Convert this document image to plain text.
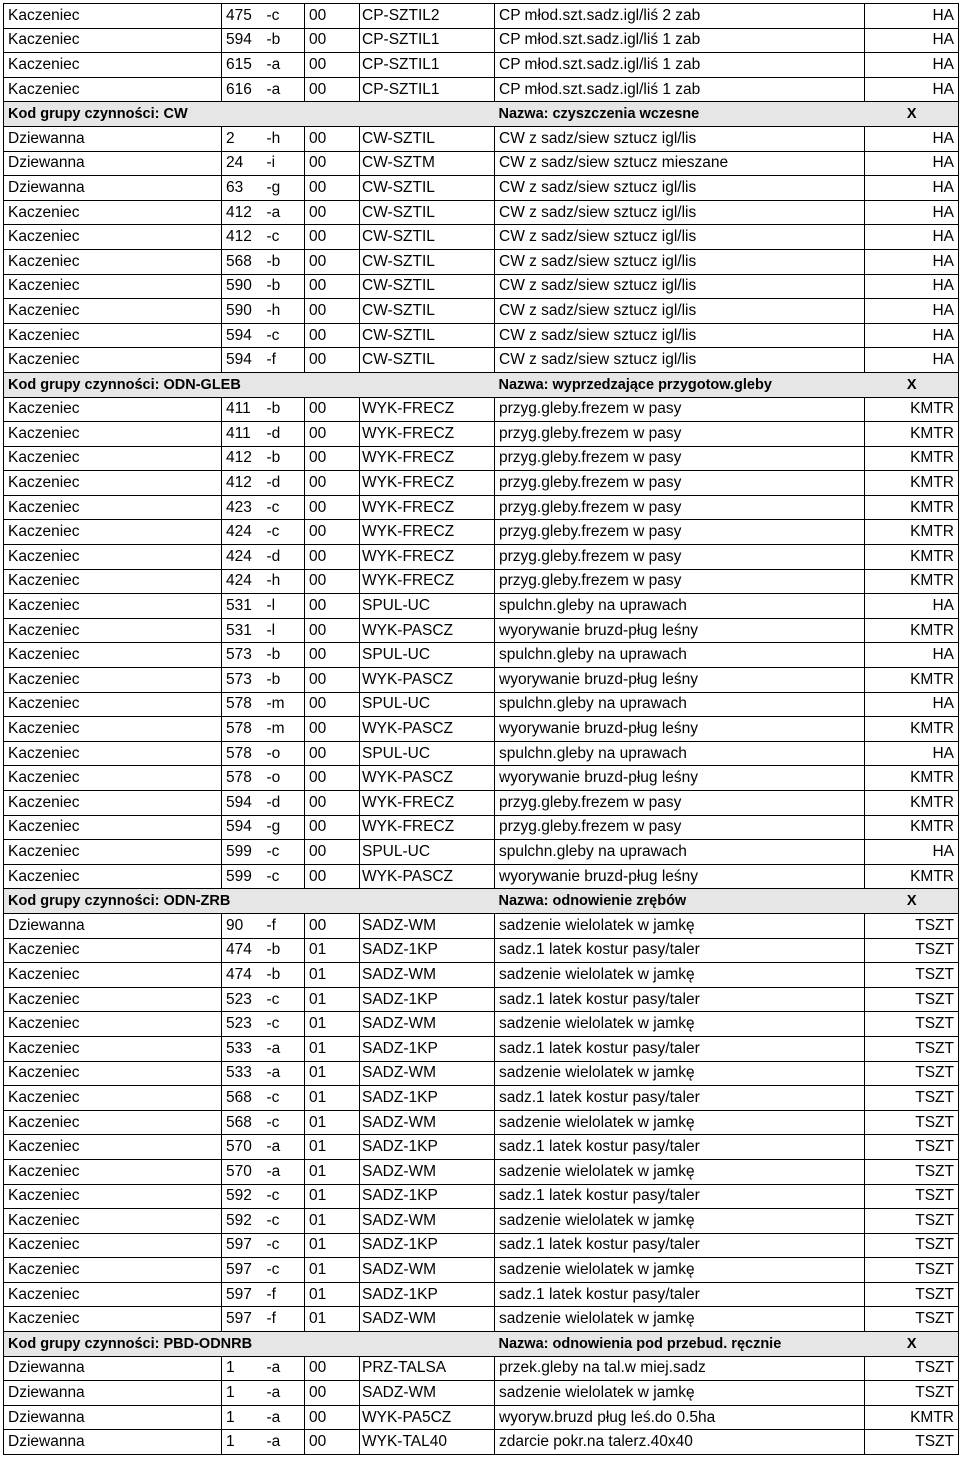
Kaczeniec	475	-c	00	CP-SZTIL2	CP młod.szt.sadz.igl/liś 2 zab	HA
Kaczeniec	594	-b	00	CP-SZTIL1	CP młod.szt.sadz.igl/liś 1 zab	HA
Kaczeniec	615	-a	00	CP-SZTIL1	CP młod.szt.sadz.igl/liś 1 zab	HA
Kaczeniec	616	-a	00	CP-SZTIL1	CP młod.szt.sadz.igl/liś 1 zab	HA
Kod grupy czynności: CW					Nazwa: czyszczenia wczesne	X
Dziewanna	2	-h	00	CW-SZTIL	CW z sadz/siew sztucz igl/lis	HA
Dziewanna	24	-i	00	CW-SZTM	CW z sadz/siew sztucz mieszane	HA
Dziewanna	63	-g	00	CW-SZTIL	CW z sadz/siew sztucz igl/lis	HA
Kaczeniec	412	-a	00	CW-SZTIL	CW z sadz/siew sztucz igl/lis	HA
Kaczeniec	412	-c	00	CW-SZTIL	CW z sadz/siew sztucz igl/lis	HA
Kaczeniec	568	-b	00	CW-SZTIL	CW z sadz/siew sztucz igl/lis	HA
Kaczeniec	590	-b	00	CW-SZTIL	CW z sadz/siew sztucz igl/lis	HA
Kaczeniec	590	-h	00	CW-SZTIL	CW z sadz/siew sztucz igl/lis	HA
Kaczeniec	594	-c	00	CW-SZTIL	CW z sadz/siew sztucz igl/lis	HA
Kaczeniec	594	-f	00	CW-SZTIL	CW z sadz/siew sztucz igl/lis	HA
Kod grupy czynności: ODN-GLEB					Nazwa: wyprzedzające przygotow.gleby	X
Kaczeniec	411	-b	00	WYK-FRECZ	przyg.gleby.frezem w pasy	KMTR
Kaczeniec	411	-d	00	WYK-FRECZ	przyg.gleby.frezem w pasy	KMTR
Kaczeniec	412	-b	00	WYK-FRECZ	przyg.gleby.frezem w pasy	KMTR
Kaczeniec	412	-d	00	WYK-FRECZ	przyg.gleby.frezem w pasy	KMTR
Kaczeniec	423	-c	00	WYK-FRECZ	przyg.gleby.frezem w pasy	KMTR
Kaczeniec	424	-c	00	WYK-FRECZ	przyg.gleby.frezem w pasy	KMTR
Kaczeniec	424	-d	00	WYK-FRECZ	przyg.gleby.frezem w pasy	KMTR
Kaczeniec	424	-h	00	WYK-FRECZ	przyg.gleby.frezem w pasy	KMTR
Kaczeniec	531	-l	00	SPUL-UC	spulchn.gleby na uprawach	HA
Kaczeniec	531	-l	00	WYK-PASCZ	wyorywanie bruzd-pług leśny	KMTR
Kaczeniec	573	-b	00	SPUL-UC	spulchn.gleby na uprawach	HA
Kaczeniec	573	-b	00	WYK-PASCZ	wyorywanie bruzd-pług leśny	KMTR
Kaczeniec	578	-m	00	SPUL-UC	spulchn.gleby na uprawach	HA
Kaczeniec	578	-m	00	WYK-PASCZ	wyorywanie bruzd-pług leśny	KMTR
Kaczeniec	578	-o	00	SPUL-UC	spulchn.gleby na uprawach	HA
Kaczeniec	578	-o	00	WYK-PASCZ	wyorywanie bruzd-pług leśny	KMTR
Kaczeniec	594	-d	00	WYK-FRECZ	przyg.gleby.frezem w pasy	KMTR
Kaczeniec	594	-g	00	WYK-FRECZ	przyg.gleby.frezem w pasy	KMTR
Kaczeniec	599	-c	00	SPUL-UC	spulchn.gleby na uprawach	HA
Kaczeniec	599	-c	00	WYK-PASCZ	wyorywanie bruzd-pług leśny	KMTR
Kod grupy czynności: ODN-ZRB					Nazwa: odnowienie zrębów	X
Dziewanna	90	-f	00	SADZ-WM	sadzenie wielolatek w jamkę	TSZT
Kaczeniec	474	-b	01	SADZ-1KP	sadz.1 latek kostur pasy/taler	TSZT
Kaczeniec	474	-b	01	SADZ-WM	sadzenie wielolatek w jamkę	TSZT
Kaczeniec	523	-c	01	SADZ-1KP	sadz.1 latek kostur pasy/taler	TSZT
Kaczeniec	523	-c	01	SADZ-WM	sadzenie wielolatek w jamkę	TSZT
Kaczeniec	533	-a	01	SADZ-1KP	sadz.1 latek kostur pasy/taler	TSZT
Kaczeniec	533	-a	01	SADZ-WM	sadzenie wielolatek w jamkę	TSZT
Kaczeniec	568	-c	01	SADZ-1KP	sadz.1 latek kostur pasy/taler	TSZT
Kaczeniec	568	-c	01	SADZ-WM	sadzenie wielolatek w jamkę	TSZT
Kaczeniec	570	-a	01	SADZ-1KP	sadz.1 latek kostur pasy/taler	TSZT
Kaczeniec	570	-a	01	SADZ-WM	sadzenie wielolatek w jamkę	TSZT
Kaczeniec	592	-c	01	SADZ-1KP	sadz.1 latek kostur pasy/taler	TSZT
Kaczeniec	592	-c	01	SADZ-WM	sadzenie wielolatek w jamkę	TSZT
Kaczeniec	597	-c	01	SADZ-1KP	sadz.1 latek kostur pasy/taler	TSZT
Kaczeniec	597	-c	01	SADZ-WM	sadzenie wielolatek w jamkę	TSZT
Kaczeniec	597	-f	01	SADZ-1KP	sadz.1 latek kostur pasy/taler	TSZT
Kaczeniec	597	-f	01	SADZ-WM	sadzenie wielolatek w jamkę	TSZT
Kod grupy czynności: PBD-ODNRB					Nazwa: odnowienia pod przebud. ręcznie	X
Dziewanna	1	-a	00	PRZ-TALSA	przek.gleby na tal.w miej.sadz	TSZT
Dziewanna	1	-a	00	SADZ-WM	sadzenie wielolatek w jamkę	TSZT
Dziewanna	1	-a	00	WYK-PA5CZ	wyoryw.bruzd pług leś.do 0.5ha	KMTR
Dziewanna	1	-a	00	WYK-TAL40	zdarcie pokr.na talerz.40x40	TSZT
